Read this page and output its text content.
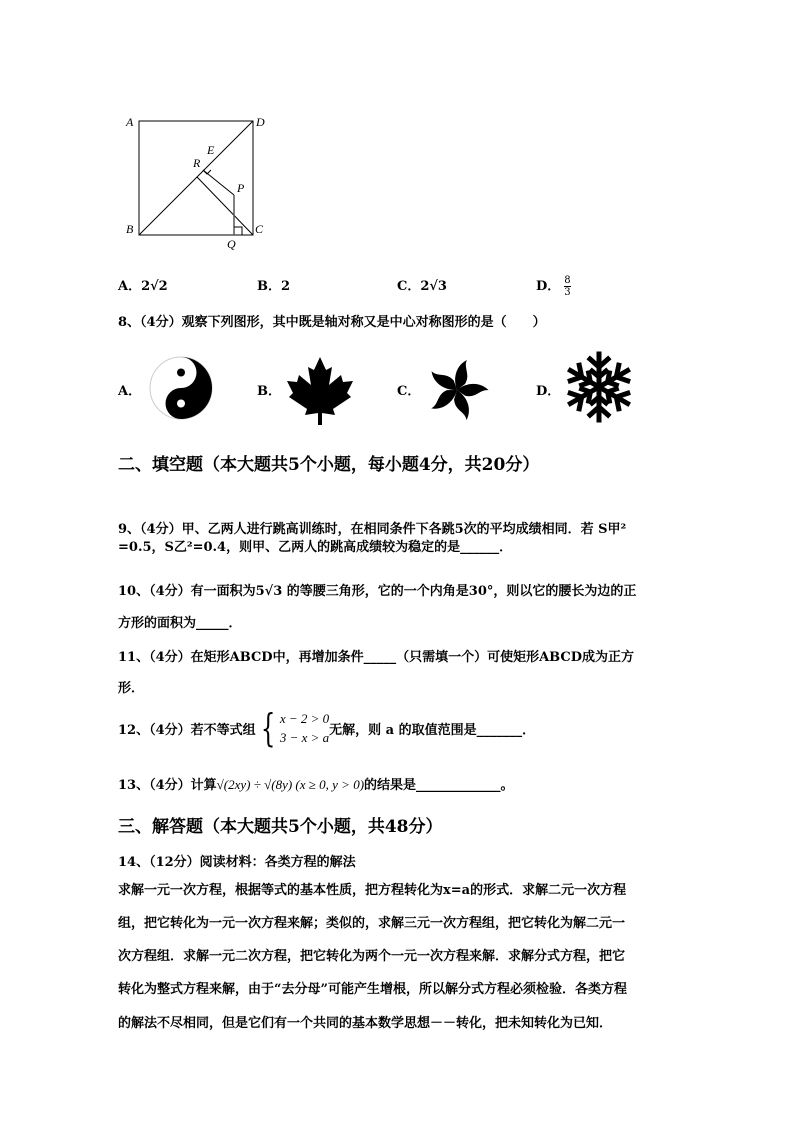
A	D
E
R
P
B
Q
C
A．2√2	B．2	C．2√3	D． $\frac{8}{3}$
8、（4分）观察下列图形，其中既是轴对称又是中心对称图形的是（　　）
A．	B．	C．	D．
二、填空题（本大题共5个小题，每小题4分，共20分）
9、（4分）甲、乙两人进行跳高训练时，在相同条件下各跳5次的平均成绩相同．若 S甲²
=0.5，S乙²=0.4，则甲、乙两人的跳高成绩较为稳定的是______．
10、（4分）有一面积为5√3 的等腰三角形，它的一个内角是30°，则以它的腰长为边的正
方形的面积为_____．
11、（4分）在矩形ABCD中，再增加条件_____（只需填一个）可使矩形ABCD成为正方
形．
12、（4分）若不等式组 { x − 2 > 0
3 − x > a 无解，则 a 的取值范围是_______．
13、（4分）计算√(2xy) ÷ √(8y) (x ≥ 0, y > 0)的结果是_____________。
三、解答题（本大题共5个小题，共48分）
14、（12分）阅读材料：各类方程的解法
求解一元一次方程，根据等式的基本性质，把方程转化为x=a的形式．求解二元一次方程
组，把它转化为一元一次方程来解；类似的，求解三元一次方程组，把它转化为解二元一
次方程组．求解一元二次方程，把它转化为两个一元一次方程来解．求解分式方程，把它
转化为整式方程来解，由于“去分母”可能产生增根，所以解分式方程必须检验．各类方程
的解法不尽相同，但是它们有一个共同的基本数学思想－－转化，把未知转化为已知．
